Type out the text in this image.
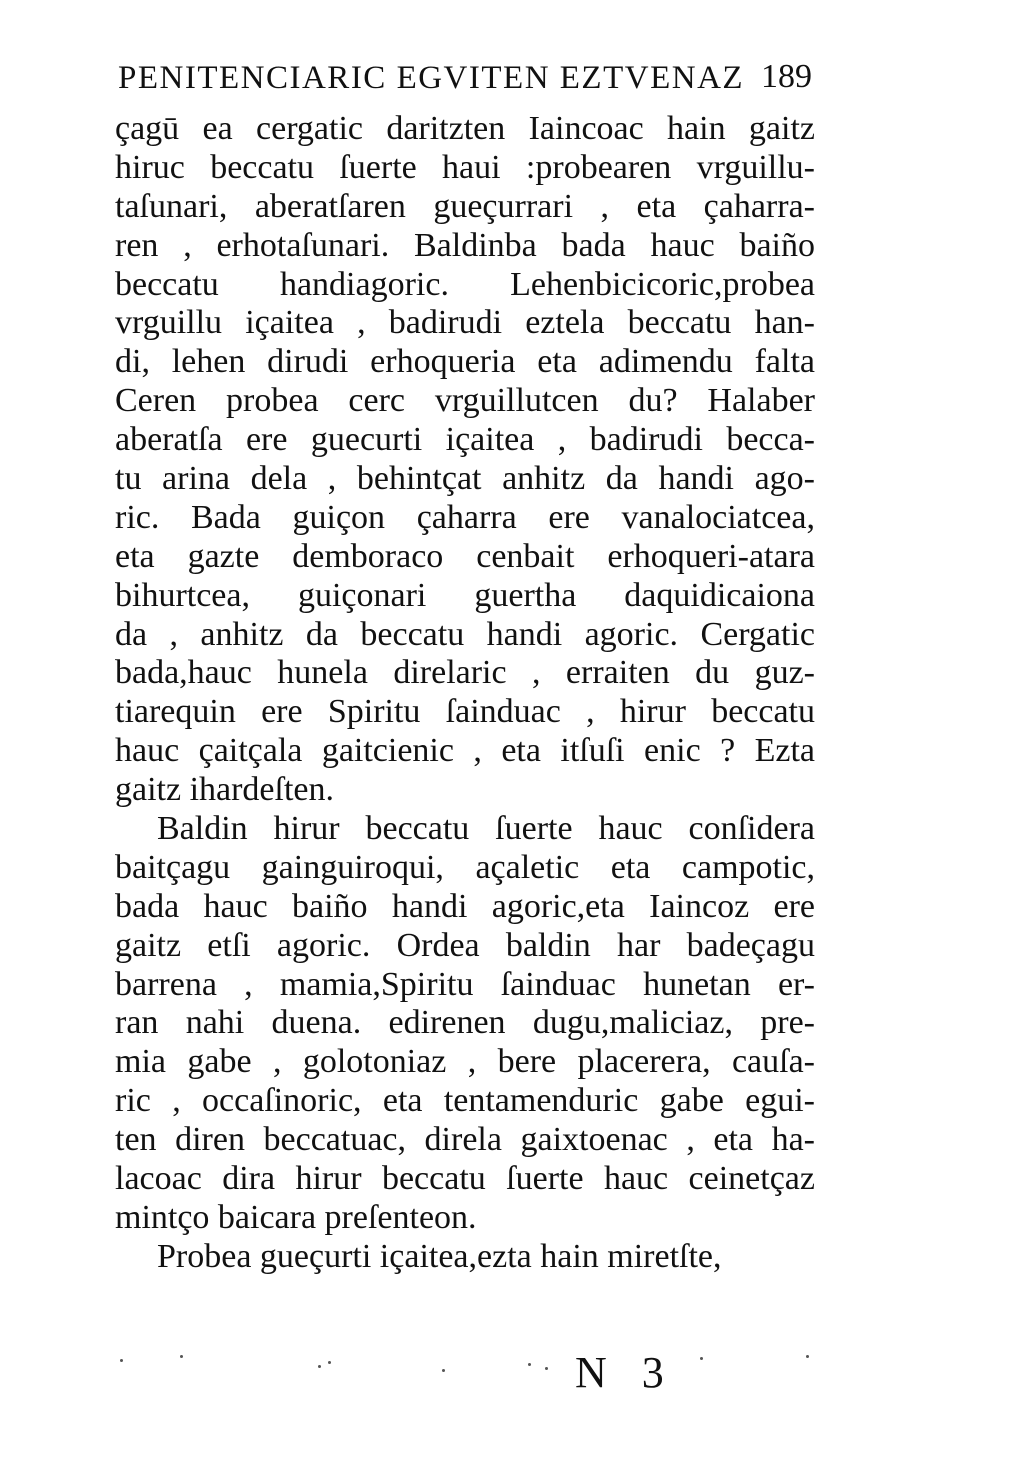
PENITENCIARIC EGVITEN EZTVENAZ 189
çagū ea cergatic daritzten Iaincoac hain gaitz
hiruc beccatu ſuerte haui :probearen vrguillu-
taſunari, aberatſaren gueçurrari , eta çaharra-
ren , erhotaſunari. Baldinba bada hauc baiño
beccatu handiagoric. Lehenbicicoric,probea
vrguillu içaitea , badirudi eztela beccatu han-
di, lehen dirudi erhoqueria eta adimendu falta
Ceren probea cerc vrguillutcen du? Halaber
aberatſa ere guecurti içaitea , badirudi becca-
tu arina dela , behintçat anhitz da handi ago-
ric. Bada guiçon çaharra ere vanalociatcea,
eta gazte demboraco cenbait erhoqueri-atara
bihurtcea, guiçonari guertha daquidicaiona
da , anhitz da beccatu handi agoric. Cergatic
bada,hauc hunela direlaric , erraiten du guz-
tiarequin ere Spiritu ſainduac , hirur beccatu
hauc çaitçala gaitcienic , eta itſuſi enic ? Ezta
gaitz ihardeſten.
Baldin hirur beccatu ſuerte hauc conſidera
baitçagu gainguiroqui, açaletic eta campotic,
bada hauc baiño handi agoric,eta Iaincoz ere
gaitz etſi agoric. Ordea baldin har badeçagu
barrena , mamia,Spiritu ſainduac hunetan er-
ran nahi duena. edirenen dugu,maliciaz, pre-
mia gabe , golotoniaz , bere placerera, cauſa-
ric , occaſinoric, eta tentamenduric gabe egui-
ten diren beccatuac, direla gaixtoenac , eta ha-
lacoac dira hirur beccatu ſuerte hauc ceinetçaz
mintço baicara preſenteon.
Probea gueçurti içaitea,ezta hain miretſte,
N 3
